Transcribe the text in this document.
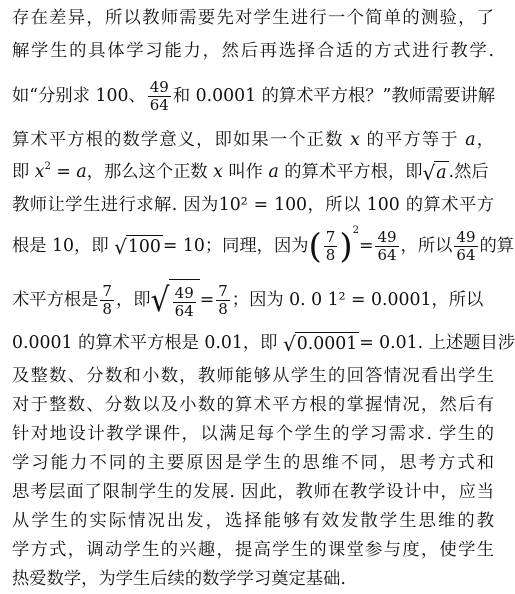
存在差异，所以教师需要先对学生进行一个简单的测验，了
解学生的具体学习能力，然后再选择合适的方式进行教学.
如“分别求 100、 $\frac{49}{64}$ 和 0.0001 的算术平方根？”教师需要讲解
算术平方根的数学意义，即如果一个正数 x 的平方等于 a，
即 $x^2 = a$，那么这个正数 x 叫作 a 的算术平方根，即 √ a .然后
教师让学生进行求解. 因为10² = 100，所以 100 的算术平方
根是 10，即 √ 100 = 10；同理，因为( $\frac{7}{8} )^2= \frac{49}{64}$ ，所以 $\frac{49}{64}$ 的算
术平方根是 $\frac{7}{8}$ ，即 √ $\frac{49}{64} = \frac{7}{8}$ ；因为 0. 0 1² = 0.0001，所以
0.0001 的算术平方根是 0.01，即 √ 0.0001 = 0.01. 上述题目涉
及整数、分数和小数，教师能够从学生的回答情况看出学生
对于整数、分数以及小数的算术平方根的掌握情况，然后有
针对地设计教学课件，以满足每个学生的学习需求. 学生的
学习能力不同的主要原因是学生的思维不同，思考方式和
思考层面了限制学生的发展. 因此，教师在教学设计中，应当
从学生的实际情况出发，选择能够有效发散学生思维的教
学方式，调动学生的兴趣，提高学生的课堂参与度，使学生
热爱数学，为学生后续的数学学习奠定基础.
